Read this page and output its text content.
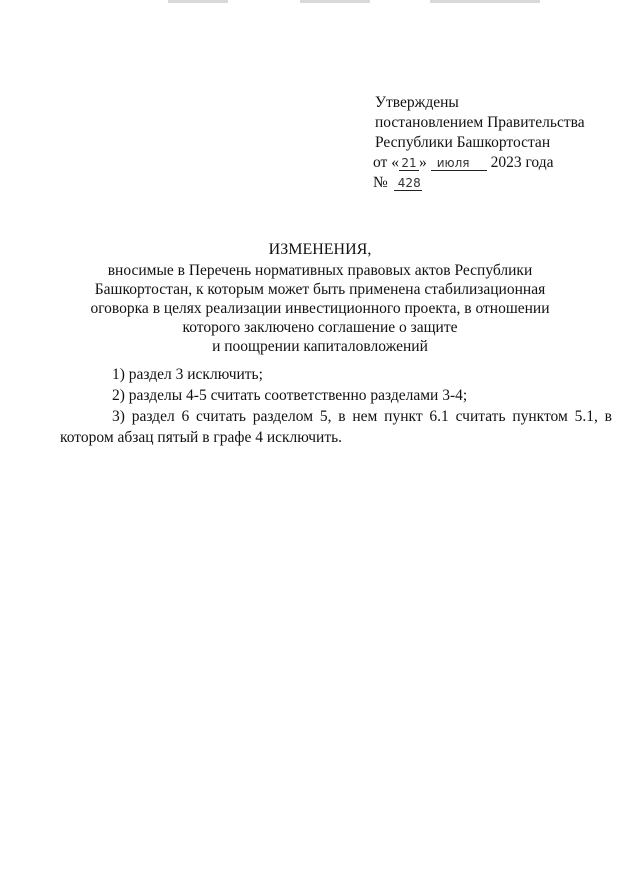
Утверждены
постановлением Правительства
Республики Башкортостан
от « 21 » июля 2023 года
№ 428
ИЗМЕНЕНИЯ,
вносимые в Перечень нормативных правовых актов Республики
Башкортостан, к которым может быть применена стабилизационная
оговорка в целях реализации инвестиционного проекта, в отношении
которого заключено соглашение о защите
и поощрении капиталовложений
1) раздел 3 исключить;
2) разделы 4-5 считать соответственно разделами 3-4;
3) раздел 6 считать разделом 5, в нем пункт 6.1 считать пунктом 5.1, в котором абзац пятый в графе 4 исключить.
